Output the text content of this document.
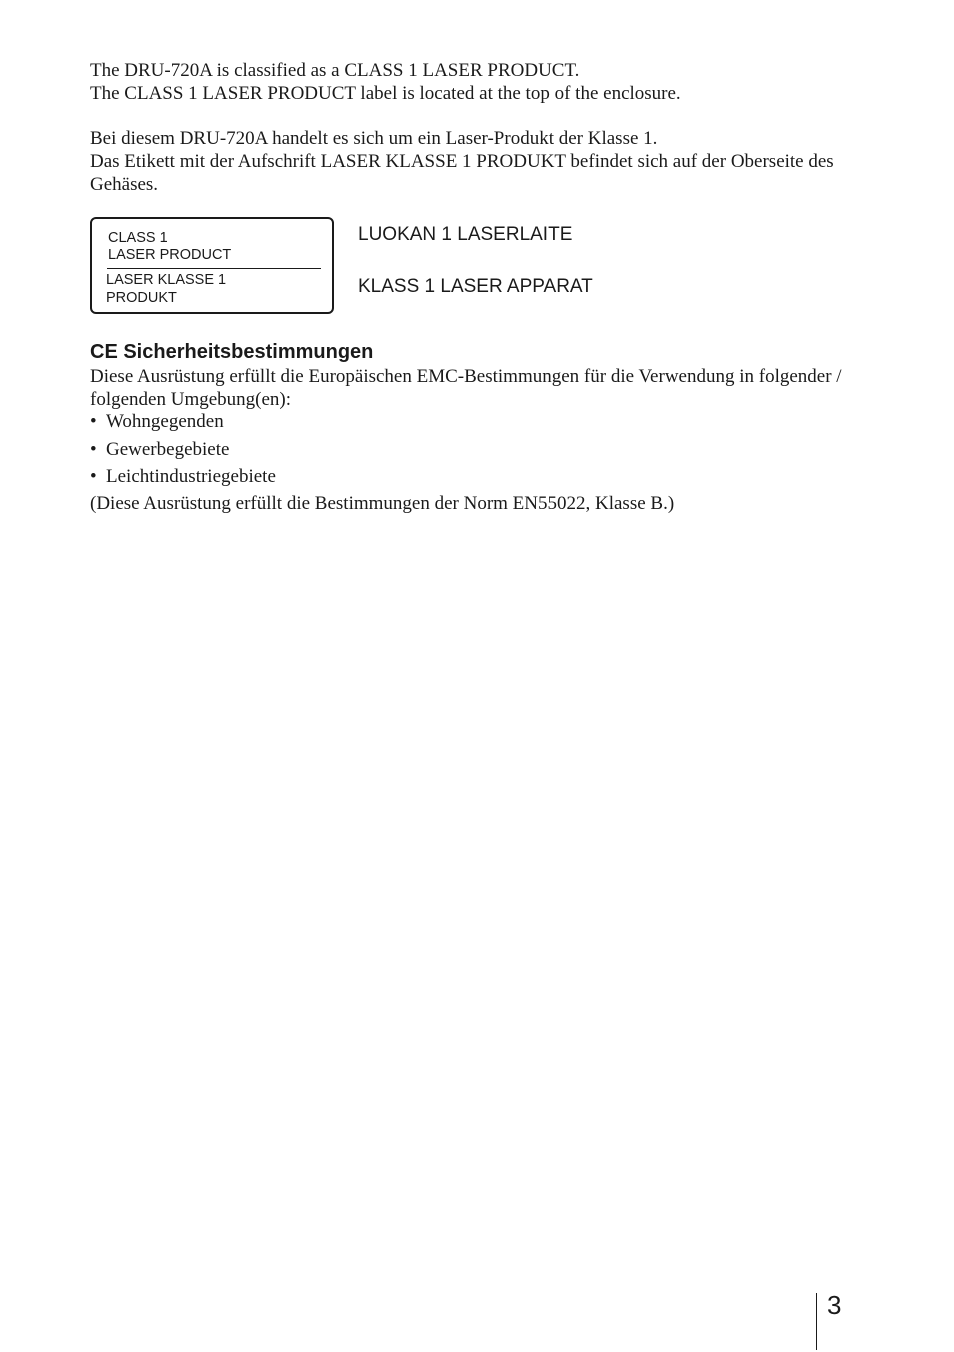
The DRU-720A is classified as a CLASS 1 LASER PRODUCT.

The CLASS 1 LASER PRODUCT label is located at the top of the enclosure.

Bei diesem DRU-720A handelt es sich um ein Laser-Produkt der Klasse 1.

Das Etikett mit der Aufschrift LASER KLASSE 1 PRODUKT befindet sich auf der Oberseite des Gehäses.

CLASS 1

LASER PRODUCT

LASER KLASSE 1

PRODUKT

LUOKAN 1 LASERLAITE

KLASS 1 LASER APPARAT

CE Sicherheitsbestimmungen

Diese Ausrüstung erfüllt die Europäischen EMC-Bestimmungen für die Verwendung in folgender / folgenden Umgebung(en):

• Wohngegenden
• Gewerbegebiete
• Leichtindustriegebiete

(Diese Ausrüstung erfüllt die Bestimmungen der Norm EN55022, Klasse B.)

3
